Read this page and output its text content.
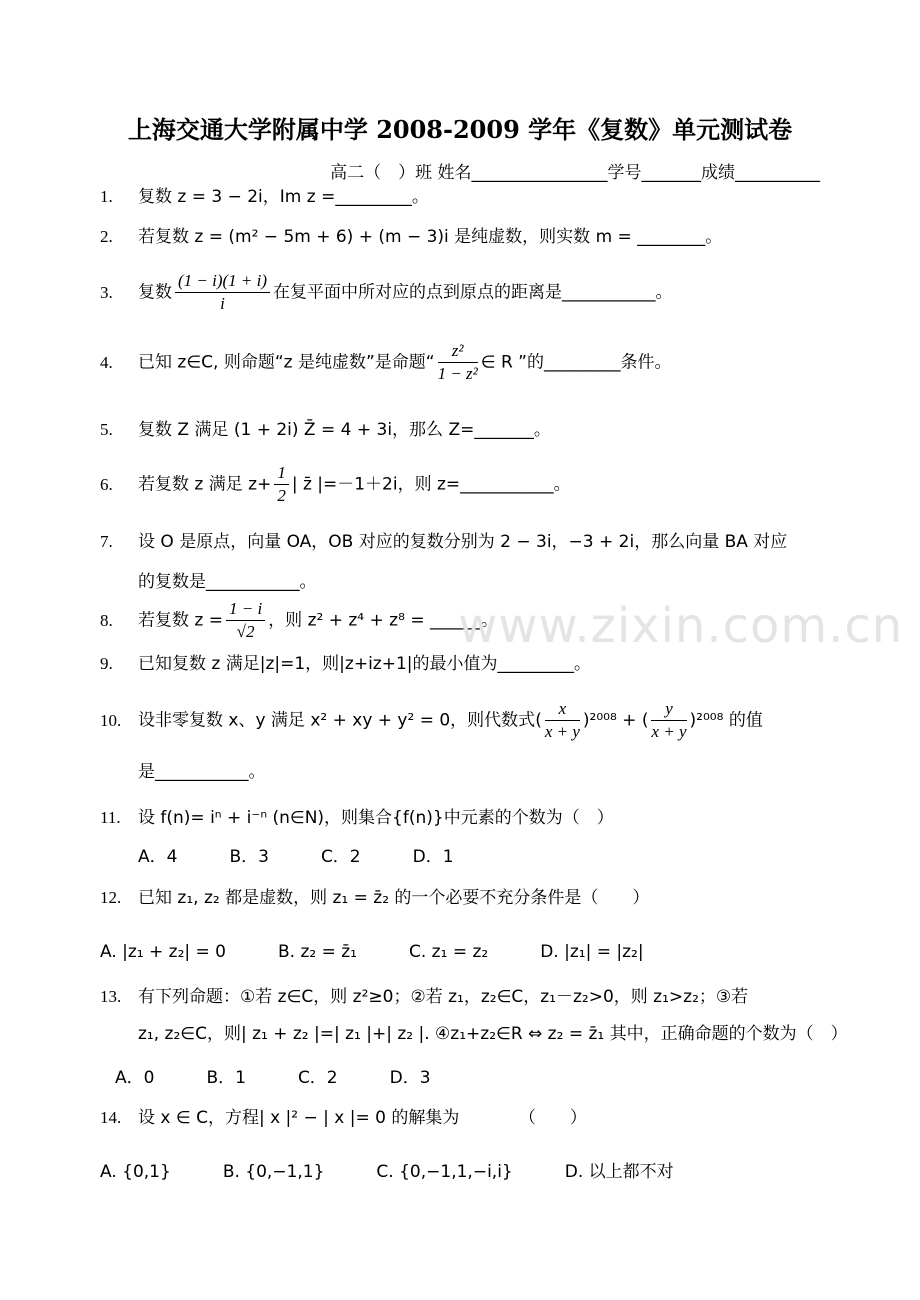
上海交通大学附属中学 2008-2009 学年《复数》单元测试卷
高二（　）班 姓名________________学号_______成绩__________
1. 复数 z = 3 − 2i，Im z =_________。
2. 若复数 z = (m² − 5m + 6) + (m − 3)i 是纯虚数，则实数 m = ________。
3. 复数 $\frac{(1 - i)(1 + i)}{i}$ 在复平面中所对应的点到原点的距离是___________。
4. 已知 z∈C, 则命题“z 是纯虚数”是命题“ $\frac{\text{z²}}{\text{1 − z²}}$ ∈ R ”的_________条件。
5. 复数 Z 满足 (1 + 2i) Z̄ = 4 + 3i，那么 Z=_______。
6. 若复数 z 满足 $z+ \frac{1}{2}$ | z̄ |=－1＋2i，则 z=___________。
7. 设 O 是原点，向量 OA，OB 对应的复数分别为 2 − 3i，−3 + 2i，那么向量 BA 对应
的复数是___________。
8. 若复数 $z = \frac{1 - i}{√2}$ ，则 z² + z⁴ + z⁸ = ______。
www.zixin.com.cn
9. 已知复数 z 满足|z|=1，则|z+iz+1|的最小值为_________。
10. 设非零复数 x、y 满足 x² + xy + y² = 0，则代数式( $\frac{x}{x + y} )^{2008}$ + ( $\frac{y}{x + y} )^{2008}$ 的值
是___________。
11. 设 f(n)= iⁿ + i⁻ⁿ (n∈N)，则集合{f(n)}中元素的个数为（　）
A．4	B．3	C．2	D．1
12. 已知 z₁, z₂ 都是虚数，则 z₁ = z̄₂ 的一个必要不充分条件是（　　）
A. |z₁ + z₂| = 0	B. z₂ = z̄₁	C. z₁ = z₂	D. |z₁| = |z₂|
13. 有下列命题：①若 z∈C，则 z²≥0；②若 z₁，z₂∈C，z₁－z₂>0，则 z₁>z₂；③若
z₁, z₂∈C，则| z₁ + z₂ |=| z₁ |+| z₂ |. ④z₁+z₂∈R ⇔ z₂ = z̄₁ 其中，正确命题的个数为（　）
A．0	B．1	C．2	D．3
14. 设 x ∈ C，方程| x |² − | x |= 0 的解集为　　　　（　　）
A. {0,1}	B. {0,−1,1}	C. {0,−1,1,−i,i}	D. 以上都不对
